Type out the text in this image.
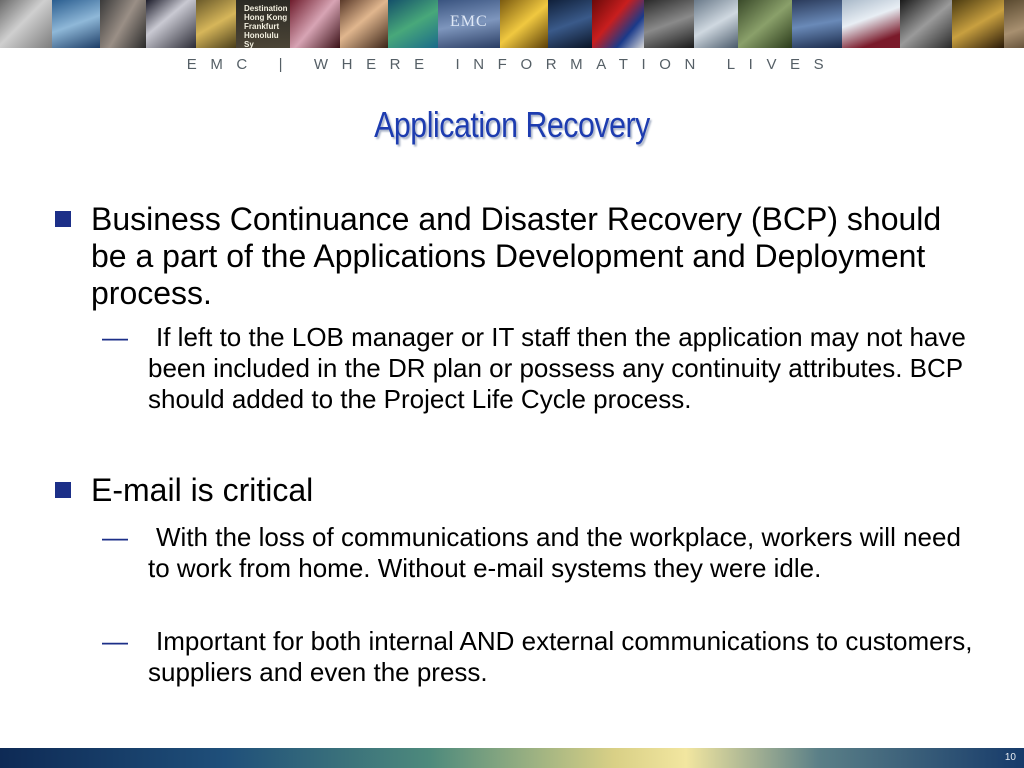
Destination
Hong Kong
Frankfurt
Honolulu Sy
EMC
EMC | WHERE INFORMATION LIVES
Application Recovery

Business Continuance and Disaster Recovery (BCP) should be a part of the Applications Development and Deployment process.

—	If left to the LOB manager or IT staff then the application may not have been included in the DR plan or possess any continuity attributes. BCP should added to the Project Life Cycle process.

E-mail is critical

—	With the loss of communications and the workplace, workers will need to work from home. Without e-mail systems they were idle.

—	Important for both internal AND external communications to customers, suppliers and even the press.

10
